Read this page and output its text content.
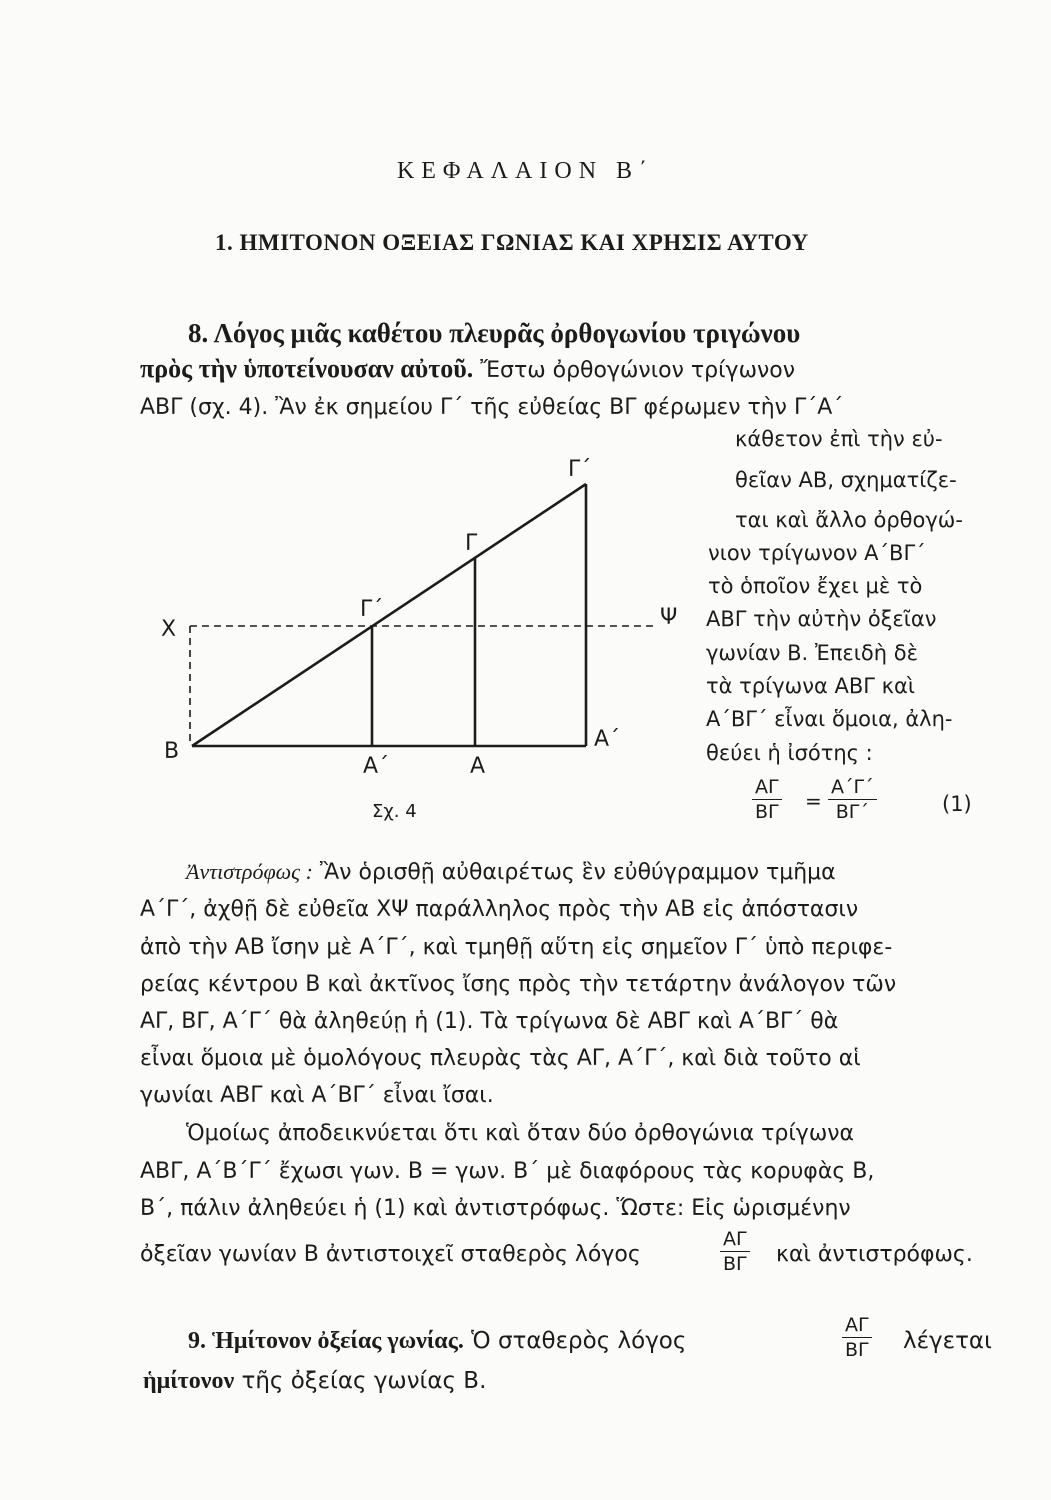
ΚΕΦΑΛΑΙΟΝ Β΄
1. ΗΜΙΤΟΝΟΝ ΟΞΕΙΑΣ ΓΩΝΙΑΣ ΚΑΙ ΧΡΗΣΙΣ ΑΥΤΟΥ
8. Λόγος μιᾶς καθέτου πλευρᾶς ὀρθογωνίου τριγώνου
πρὸς τὴν ὑποτείνουσαν αὐτοῦ. Ἔστω ὀρθογώνιον τρίγωνον
ΑΒΓ (σχ. 4). Ἂν ἐκ σημείου Γ΄ τῆς εὐθείας ΒΓ φέρωμεν τὴν Γ΄Α΄
κάθετον ἐπὶ τὴν εὐ-
θεῖαν ΑΒ, σχηματίζε-
ται καὶ ἄλλο ὀρθογώ-
νιον τρίγωνον Α΄ΒΓ΄
τὸ ὁποῖον ἔχει μὲ τὸ
ΑΒΓ τὴν αὐτὴν ὀξεῖαν
γωνίαν Β. Ἐπειδὴ δὲ
τὰ τρίγωνα ΑΒΓ καὶ
Α΄ΒΓ΄ εἶναι ὅμοια, ἀλη-
θεύει ἡ ἰσότης :
ΑΓ
ΒΓ =
Α΄Γ΄
ΒΓ΄	(1)
Β
Α΄	Α
Α΄
Γ΄
Γ
Γ΄
Χ	Ψ
Σχ. 4
Ἀντιστρόφως : Ἂν ὁρισθῇ αὐθαιρέτως ἓν εὐθύγραμμον τμῆμα
Α΄Γ΄, ἀχθῇ δὲ εὐθεῖα ΧΨ παράλληλος πρὸς τὴν ΑΒ εἰς ἀπόστασιν
ἀπὸ τὴν ΑΒ ἴσην μὲ Α΄Γ΄, καὶ τμηθῇ αὕτη εἰς σημεῖον Γ΄ ὑπὸ περιφε-
ρείας κέντρου Β καὶ ἀκτῖνος ἴσης πρὸς τὴν τετάρτην ἀνάλογον τῶν
ΑΓ, ΒΓ, Α΄Γ΄ θὰ ἀληθεύῃ ἡ (1). Τὰ τρίγωνα δὲ ΑΒΓ καὶ Α΄ΒΓ΄ θὰ
εἶναι ὅμοια μὲ ὁμολόγους πλευρὰς τὰς ΑΓ, Α΄Γ΄, καὶ διὰ τοῦτο αἱ
γωνίαι ΑΒΓ καὶ Α΄ΒΓ΄ εἶναι ἴσαι.
Ὁμοίως ἀποδεικνύεται ὅτι καὶ ὅταν δύο ὀρθογώνια τρίγωνα
ΑΒΓ, Α΄Β΄Γ΄ ἔχωσι γων. Β = γων. Β΄ μὲ διαφόρους τὰς κορυφὰς Β,
Β΄, πάλιν ἀληθεύει ἡ (1) καὶ ἀντιστρόφως. Ὥστε: Εἰς ὡρισμένην
ὀξεῖαν γωνίαν Β ἀντιστοιχεῖ σταθερὸς λόγος
ΑΓ
ΒΓ καὶ ἀντιστρόφως.
9. Ἡμίτονον ὀξείας γωνίας. Ὁ σταθερὸς λόγος
ΑΓ
ΒΓ λέγεται
ἡμίτονον τῆς ὀξείας γωνίας Β.
